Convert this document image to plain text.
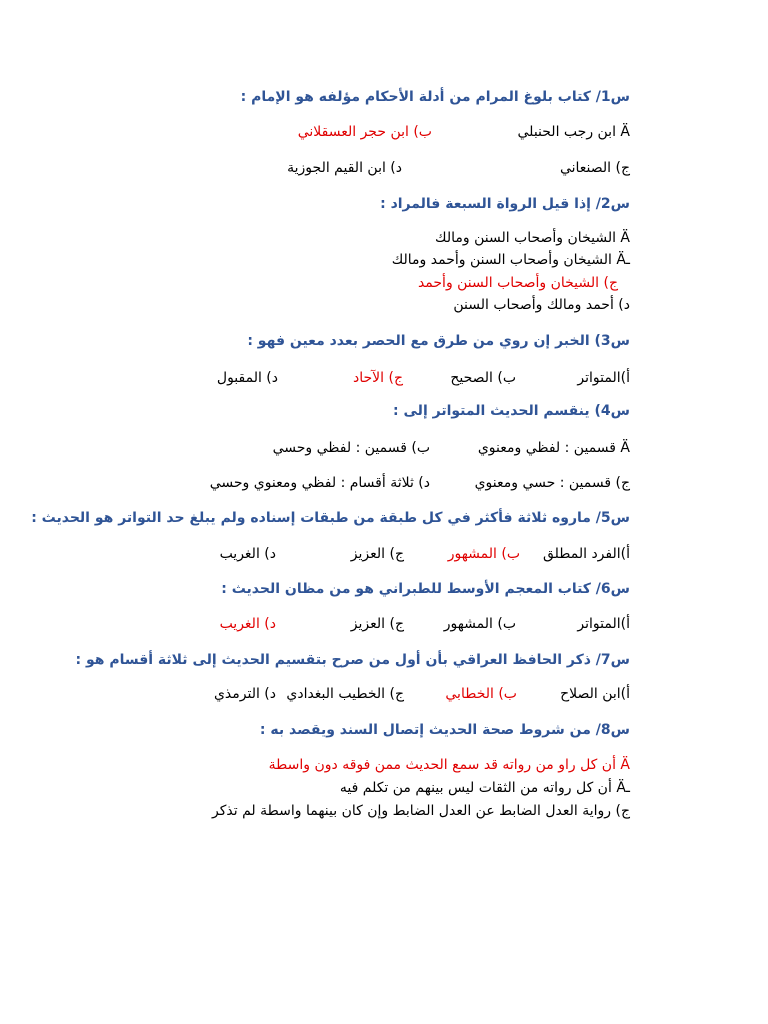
س1/ كتاب بلوغ المرام من أدلة الأحكام مؤلفه هو الإمام :
Ä ابن رجب الحنبلي
ب) ابن حجر العسقلاني
ج) الصنعاني
د) ابن القيم الجوزية
س2/ إذا قيل الرواة السبعة فالمراد :
Ä الشيخان وأصحاب السنن ومالك
ـÄ الشيخان وأصحاب السنن وأحمد ومالك
ج) الشيخان وأصحاب السنن وأحمد
د) أحمد ومالك وأصحاب السنن
س3) الخبر إن روي من طرق مع الحصر بعدد معين فهو :
أ)المتواتر
ب) الصحيح
ج) الآحاد
د) المقبول
س4) ينقسم الحديث المتواتر إلى :
Ä قسمين : لفظي ومعنوي
ب) قسمين : لفظي وحسي
ج) قسمين : حسي ومعنوي
د) ثلاثة أقسام : لفظي ومعنوي وحسي
س5/ ماروه ثلاثة فأكثر في كل طبقة من طبقات إسناده ولم يبلغ حد التواتر هو الحديث :
أ)الفرد المطلق
ب) المشهور
ج) العزيز
د) الغريب
س6/ كتاب المعجم الأوسط للطبراني هو من مظان الحديث :
أ)المتواتر
ب) المشهور
ج) العزيز
د) الغريب
س7/ ذكر الحافظ العراقي بأن أول من صرح بتقسيم الحديث إلى ثلاثة أقسام هو :
أ)ابن الصلاح
ب) الخطابي
ج) الخطيب البغدادي
د) الترمذي
س8/ من شروط صحة الحديث إتصال السند ويقصد به :
Ä أن كل راو من رواته قد سمع الحديث ممن فوقه دون واسطة
ـÄ أن كل رواته من الثقات ليس بينهم من تكلم فيه
ج) رواية العدل الضابط عن العدل الضابط وإن كان بينهما واسطة لم تذكر
